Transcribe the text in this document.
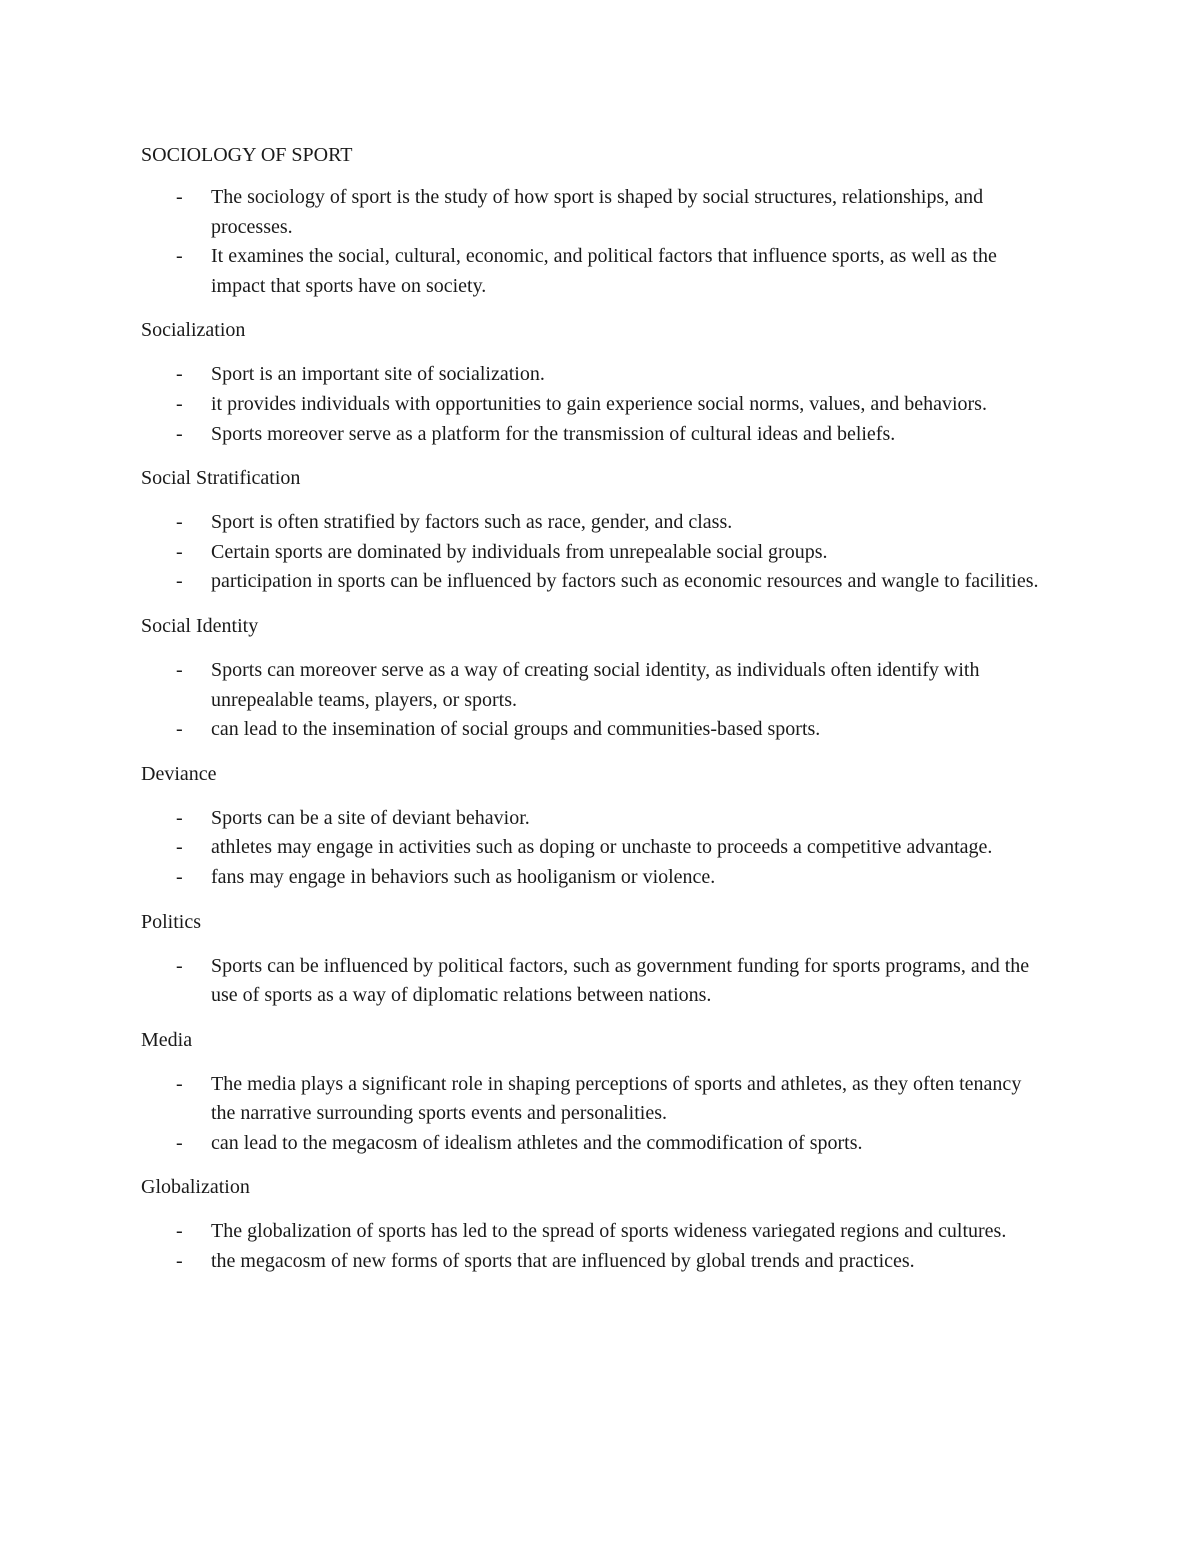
SOCIOLOGY OF SPORT
- The sociology of sport is the study of how sport is shaped by social structures, relationships, and processes.
- It examines the social, cultural, economic, and political factors that influence sports, as well as the impact that sports have on society.
Socialization
- Sport is an important site of socialization.
- it provides individuals with opportunities to gain experience social norms, values, and behaviors.
- Sports moreover serve as a platform for the transmission of cultural ideas and beliefs.
Social Stratification
- Sport is often stratified by factors such as race, gender, and class.
- Certain sports are dominated by individuals from unrepealable social groups.
- participation in sports can be influenced by factors such as economic resources and wangle to facilities.
Social Identity
- Sports can moreover serve as a way of creating social identity, as individuals often identify with unrepealable teams, players, or sports.
- can lead to the insemination of social groups and communities-based sports.
Deviance
- Sports can be a site of deviant behavior.
- athletes may engage in activities such as doping or unchaste to proceeds a competitive advantage.
- fans may engage in behaviors such as hooliganism or violence.
Politics
- Sports can be influenced by political factors, such as government funding for sports programs, and the use of sports as a way of diplomatic relations between nations.
Media
- The media plays a significant role in shaping perceptions of sports and athletes, as they often tenancy the narrative surrounding sports events and personalities.
- can lead to the megacosm of idealism athletes and the commodification of sports.
Globalization
- The globalization of sports has led to the spread of sports wideness variegated regions and cultures.
- the megacosm of new forms of sports that are influenced by global trends and practices.
